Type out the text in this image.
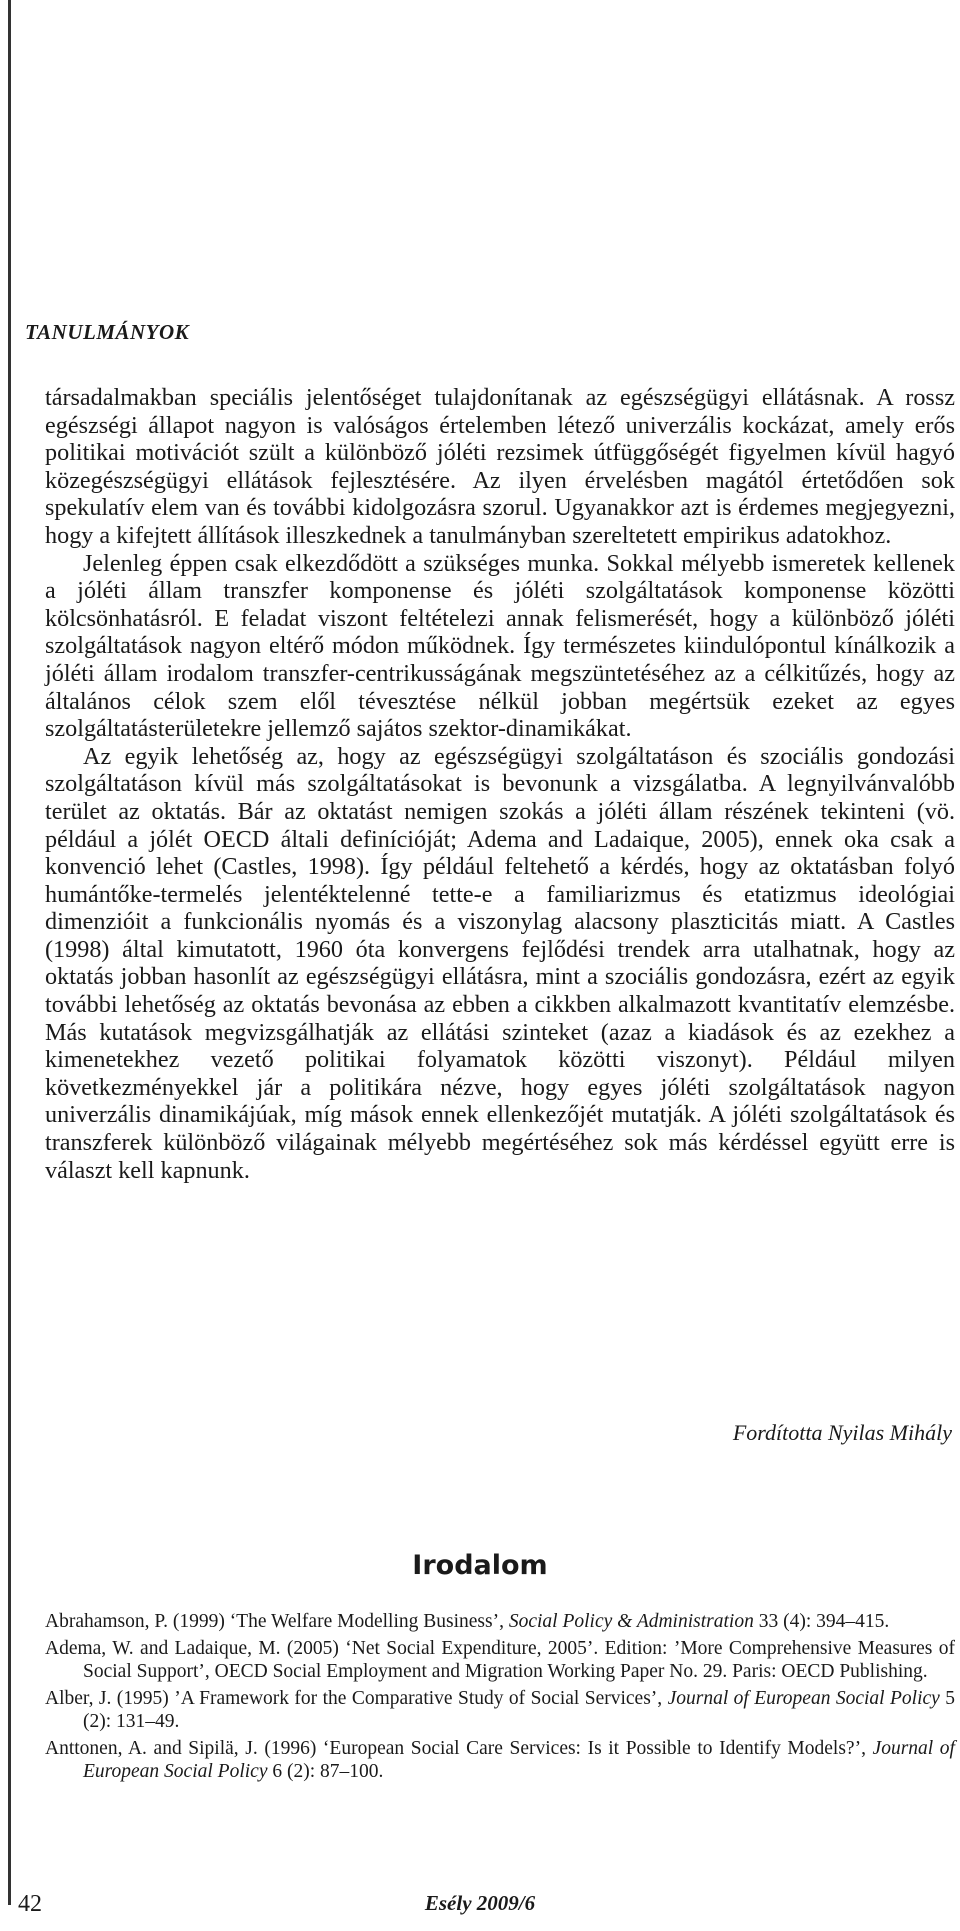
TANULMÁNYOK

társadalmakban speciális jelentőséget tulajdonítanak az egészségügyi ellátásnak. A rossz egészségi állapot nagyon is valóságos értelemben létező univerzális kockázat, amely erős politikai motivációt szült a különböző jóléti rezsimek útfüggőségét figyelmen kívül hagyó közegészségügyi ellátások fejlesztésére. Az ilyen érvelésben magától értetődően sok spekulatív elem van és további kidolgozásra szorul. Ugyanakkor azt is érdemes megjegyezni, hogy a kifejtett állítások illeszkednek a tanulmányban szereltetett empirikus adatokhoz.

Jelenleg éppen csak elkezdődött a szükséges munka. Sokkal mélyebb ismeretek kellenek a jóléti állam transzfer komponense és jóléti szolgáltatások komponense közötti kölcsönhatásról. E feladat viszont feltételezi annak felismerését, hogy a különböző jóléti szolgáltatások nagyon eltérő módon működnek. Így természetes kiindulópontul kínálkozik a jóléti állam irodalom transzfer-centrikusságának megszüntetéséhez az a célkitűzés, hogy az általános célok szem elől tévesztése nélkül jobban megértsük ezeket az egyes szolgáltatásterületekre jellemző sajátos szektor-dinamikákat.

Az egyik lehetőség az, hogy az egészségügyi szolgáltatáson és szociális gondozási szolgáltatáson kívül más szolgáltatásokat is bevonunk a vizsgálatba. A legnyilvánvalóbb terület az oktatás. Bár az oktatást nemigen szokás a jóléti állam részének tekinteni (vö. például a jólét OECD általi definícióját; Adema and Ladaique, 2005), ennek oka csak a konvenció lehet (Castles, 1998). Így például feltehető a kérdés, hogy az oktatásban folyó humántőke-termelés jelentéktelenné tette-e a familiarizmus és etatizmus ideológiai dimenzióit a funkcionális nyomás és a viszonylag alacsony plaszticitás miatt. A Castles (1998) által kimutatott, 1960 óta konvergens fejlődési trendek arra utalhatnak, hogy az oktatás jobban hasonlít az egészségügyi ellátásra, mint a szociális gondozásra, ezért az egyik további lehetőség az oktatás bevonása az ebben a cikkben alkalmazott kvantitatív elemzésbe. Más kutatások megvizsgálhatják az ellátási szinteket (azaz a kiadások és az ezekhez a kimenetekhez vezető politikai folyamatok közötti viszonyt). Például milyen következményekkel jár a politikára nézve, hogy egyes jóléti szolgáltatások nagyon univerzális dinamikájúak, míg mások ennek ellenkezőjét mutatják. A jóléti szolgáltatások és transzferek különböző világainak mélyebb megértéséhez sok más kérdéssel együtt erre is választ kell kapnunk.

Fordította Nyilas Mihály
Irodalom
Abrahamson, P. (1999) ‘The Welfare Modelling Business’, Social Policy & Administration 33 (4): 394–415.
Adema, W. and Ladaique, M. (2005) ‘Net Social Expenditure, 2005’. Edition: ’More Comprehensive Measures of Social Support’, OECD Social Employment and Migration Working Paper No. 29. Paris: OECD Publishing.
Alber, J. (1995) ’A Framework for the Comparative Study of Social Services’, Journal of European Social Policy 5 (2): 131–49.
Anttonen, A. and Sipilä, J. (1996) ‘European Social Care Services: Is it Possible to Identify Models?’, Journal of European Social Policy 6 (2): 87–100.
42	Esély 2009/6
